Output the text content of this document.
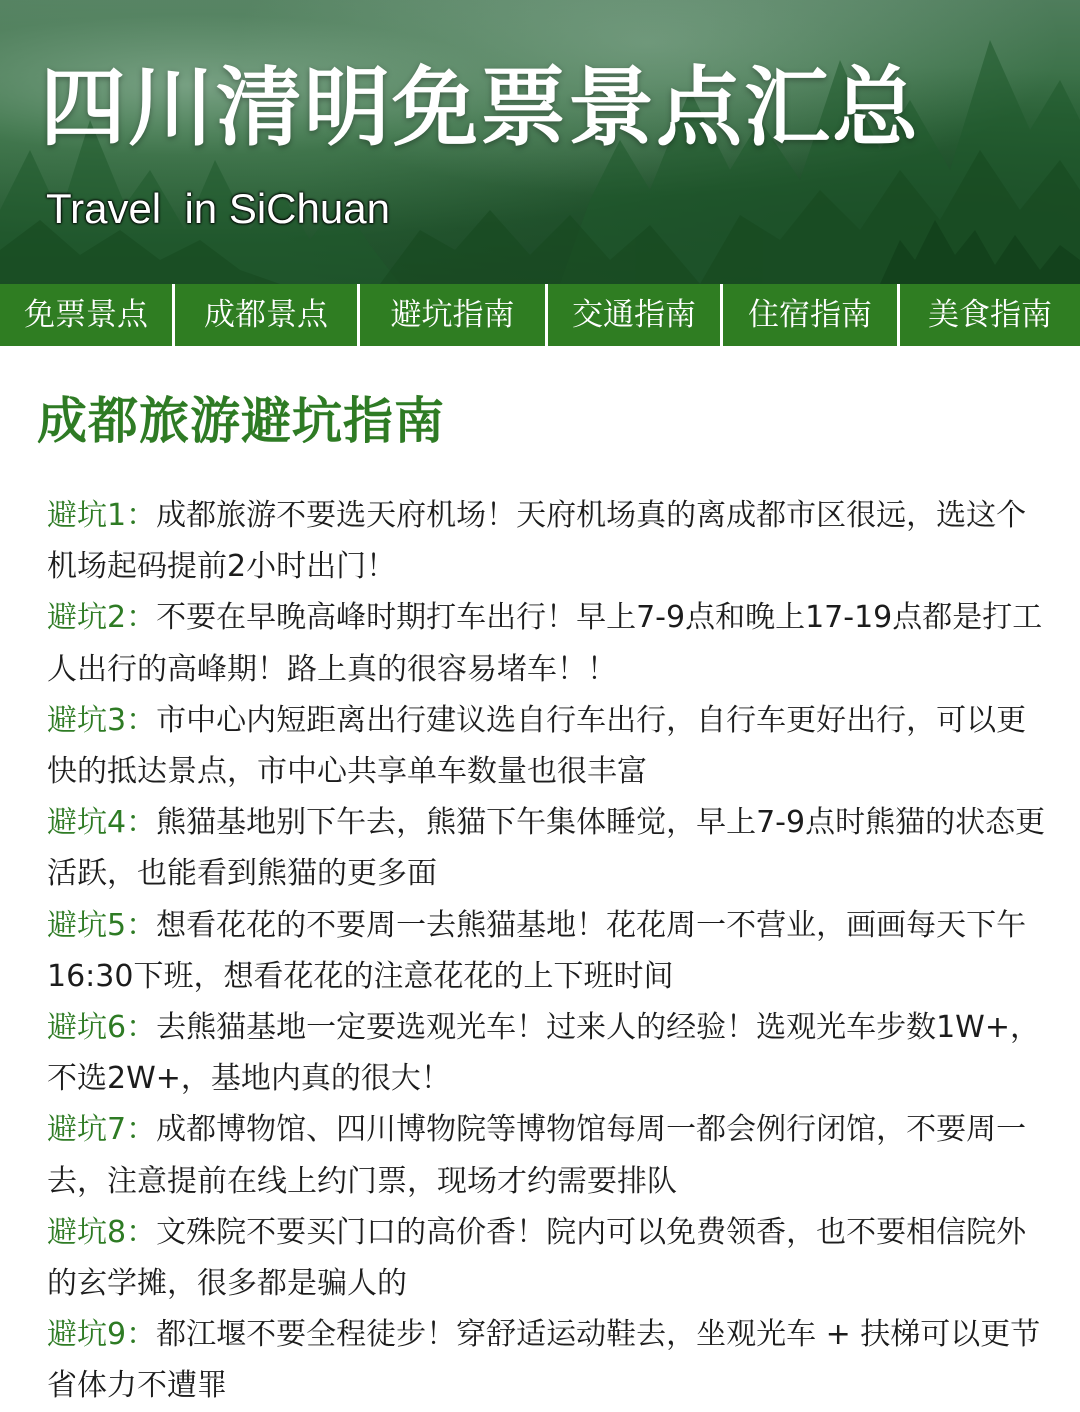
四川清明免票景点汇总
Travel  in SiChuan
免票景点	成都景点	避坑指南	交通指南	住宿指南	美食指南
成都旅游避坑指南

避坑1：成都旅游不要选天府机场！天府机场真的离成都市区很远，选这个机场起码提前2小时出门！

避坑2：不要在早晚高峰时期打车出行！早上7-9点和晚上17-19点都是打工人出行的高峰期！路上真的很容易堵车！！

避坑3：市中心内短距离出行建议选自行车出行，自行车更好出行，可以更快的抵达景点，市中心共享单车数量也很丰富

避坑4：熊猫基地别下午去，熊猫下午集体睡觉，早上7-9点时熊猫的状态更活跃，也能看到熊猫的更多面

避坑5：想看花花的不要周一去熊猫基地！花花周一不营业，画画每天下午16:30下班，想看花花的注意花花的上下班时间

避坑6：去熊猫基地一定要选观光车！过来人的经验！选观光车步数1W+，不选2W+，基地内真的很大！

避坑7：成都博物馆、四川博物院等博物馆每周一都会例行闭馆，不要周一去，注意提前在线上约门票，现场才约需要排队

避坑8：文殊院不要买门口的高价香！院内可以免费领香，也不要相信院外的玄学摊，很多都是骗人的

避坑9：都江堰不要全程徒步！穿舒适运动鞋去，坐观光车 + 扶梯可以更节省体力不遭罪
